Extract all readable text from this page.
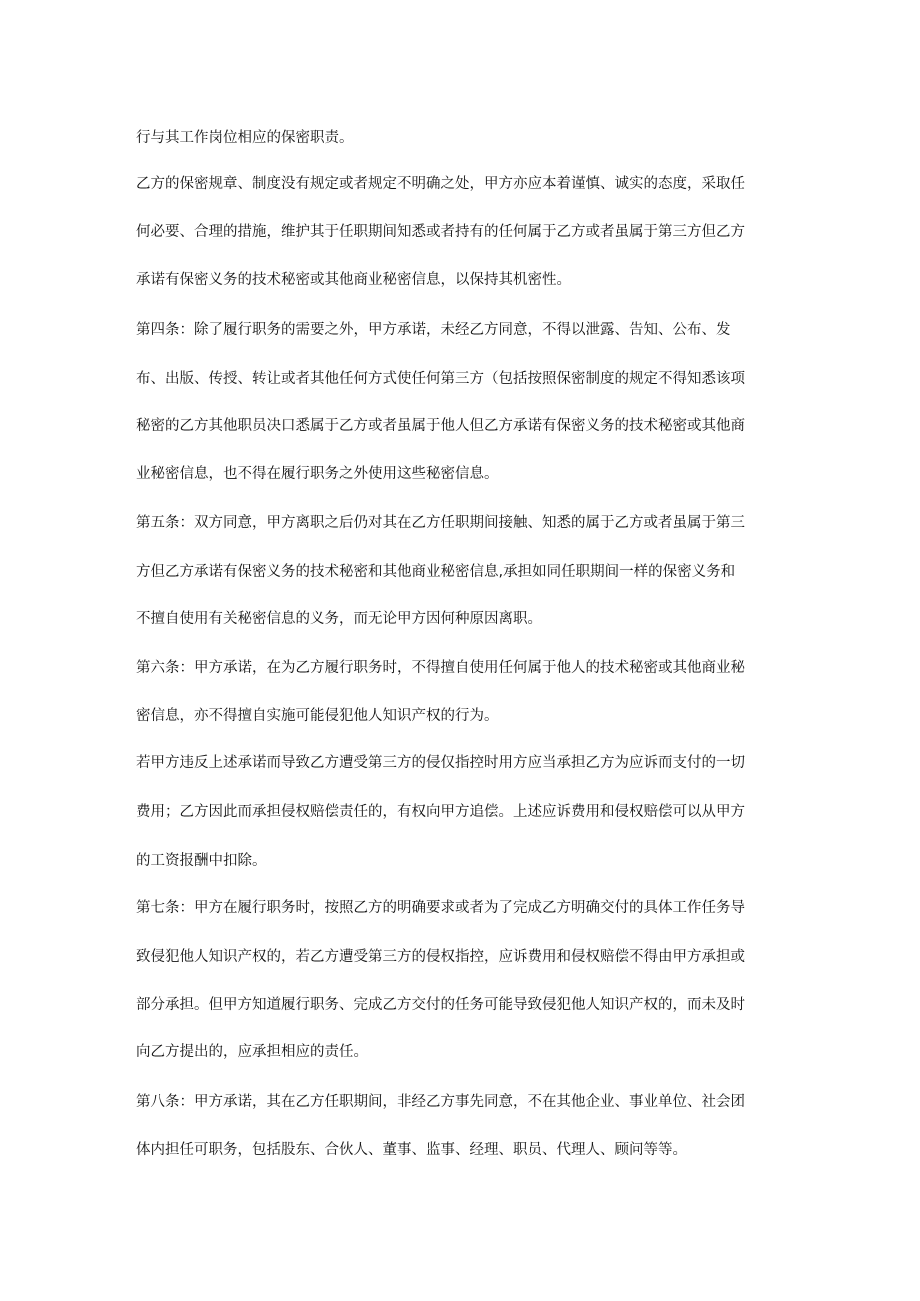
行与其工作岗位相应的保密职责。

乙方的保密规章、制度没有规定或者规定不明确之处，甲方亦应本着谨慎、诚实的态度，采取任

何必要、合理的措施，维护其于任职期间知悉或者持有的任何属于乙方或者虽属于第三方但乙方

承诺有保密义务的技术秘密或其他商业秘密信息，以保持其机密性。

第四条：除了履行职务的需要之外，甲方承诺，未经乙方同意，不得以泄露、告知、公布、发

布、出版、传授、转让或者其他任何方式使任何第三方（包括按照保密制度的规定不得知悉该项

秘密的乙方其他职员决口悉属于乙方或者虽属于他人但乙方承诺有保密义务的技术秘密或其他商

业秘密信息，也不得在履行职务之外使用这些秘密信息。

第五条：双方同意，甲方离职之后仍对其在乙方任职期间接触、知悉的属于乙方或者虽属于第三

方但乙方承诺有保密义务的技术秘密和其他商业秘密信息,承担如同任职期间一样的保密义务和

不擅自使用有关秘密信息的义务，而无论甲方因何种原因离职。

第六条：甲方承诺，在为乙方履行职务时，不得擅自使用任何属于他人的技术秘密或其他商业秘

密信息，亦不得擅自实施可能侵犯他人知识产权的行为。

若甲方违反上述承诺而导致乙方遭受第三方的侵仅指控时用方应当承担乙方为应诉而支付的一切

费用；乙方因此而承担侵权赔偿责任的，有权向甲方追偿。上述应诉费用和侵权赔偿可以从甲方

的工资报酬中扣除。

第七条：甲方在履行职务时，按照乙方的明确要求或者为了完成乙方明确交付的具体工作任务导

致侵犯他人知识产权的，若乙方遭受第三方的侵权指控，应诉费用和侵权赔偿不得由甲方承担或

部分承担。但甲方知道履行职务、完成乙方交付的任务可能导致侵犯他人知识产权的，而未及时

向乙方提出的，应承担相应的责任。

第八条：甲方承诺，其在乙方任职期间，非经乙方事先同意，不在其他企业、事业单位、社会团

体内担任可职务，包括股东、合伙人、董事、监事、经理、职员、代理人、顾问等等。
